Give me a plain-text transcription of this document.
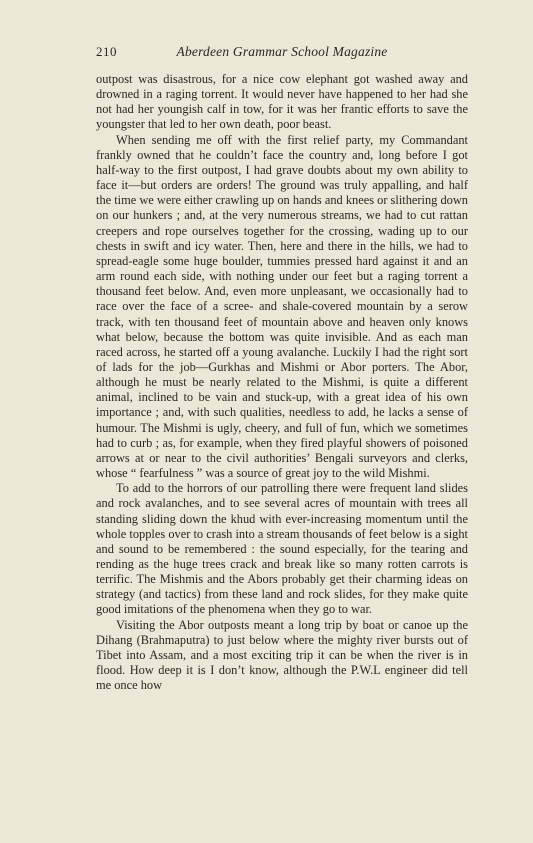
210	Aberdeen Grammar School Magazine

outpost was disastrous, for a nice cow elephant got washed away and drowned in a raging torrent. It would never have happened to her had she not had her youngish calf in tow, for it was her frantic efforts to save the youngster that led to her own death, poor beast.

When sending me off with the first relief party, my Commandant frankly owned that he couldn’t face the country and, long before I got half-way to the first outpost, I had grave doubts about my own ability to face it—but orders are orders! The ground was truly appalling, and half the time we were either crawling up on hands and knees or slithering down on our hunkers ; and, at the very numerous streams, we had to cut rattan creepers and rope ourselves together for the crossing, wading up to our chests in swift and icy water. Then, here and there in the hills, we had to spread-eagle some huge boulder, tummies pressed hard against it and an arm round each side, with nothing under our feet but a raging torrent a thousand feet below. And, even more unpleasant, we occasionally had to race over the face of a scree- and shale-covered mountain by a serow track, with ten thousand feet of mountain above and heaven only knows what below, because the bottom was quite invisible. And as each man raced across, he started off a young avalanche. Luckily I had the right sort of lads for the job—Gurkhas and Mishmi or Abor porters. The Abor, although he must be nearly related to the Mishmi, is quite a different animal, inclined to be vain and stuck-up, with a great idea of his own importance ; and, with such qualities, needless to add, he lacks a sense of humour. The Mishmi is ugly, cheery, and full of fun, which we sometimes had to curb ; as, for example, when they fired playful showers of poisoned arrows at or near to the civil authorities’ Bengali surveyors and clerks, whose “ fearfulness ” was a source of great joy to the wild Mishmi.

To add to the horrors of our patrolling there were frequent land slides and rock avalanches, and to see several acres of mountain with trees all standing sliding down the khud with ever-increasing momentum until the whole topples over to crash into a stream thousands of feet below is a sight and sound to be remembered : the sound especially, for the tearing and rending as the huge trees crack and break like so many rotten carrots is terrific. The Mishmis and the Abors probably get their charming ideas on strategy (and tactics) from these land and rock slides, for they make quite good imitations of the phenomena when they go to war.

Visiting the Abor outposts meant a long trip by boat or canoe up the Dihang (Brahmaputra) to just below where the mighty river bursts out of Tibet into Assam, and a most exciting trip it can be when the river is in flood. How deep it is I don’t know, although the P.W.L engineer did tell me once how
